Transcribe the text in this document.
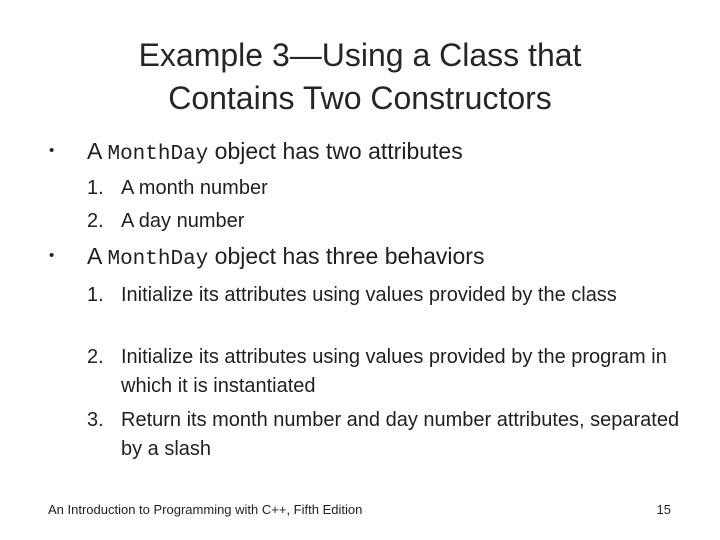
Example 3—Using a Class that
Contains Two Constructors
• A MonthDay object has two attributes
1. A month number
2. A day number
• A MonthDay object has three behaviors
1. Initialize its attributes using values provided by the class
2. Initialize its attributes using values provided by the program in which it is instantiated
3. Return its month number and day number attributes, separated by a slash
An Introduction to Programming with C++, Fifth Edition	15
